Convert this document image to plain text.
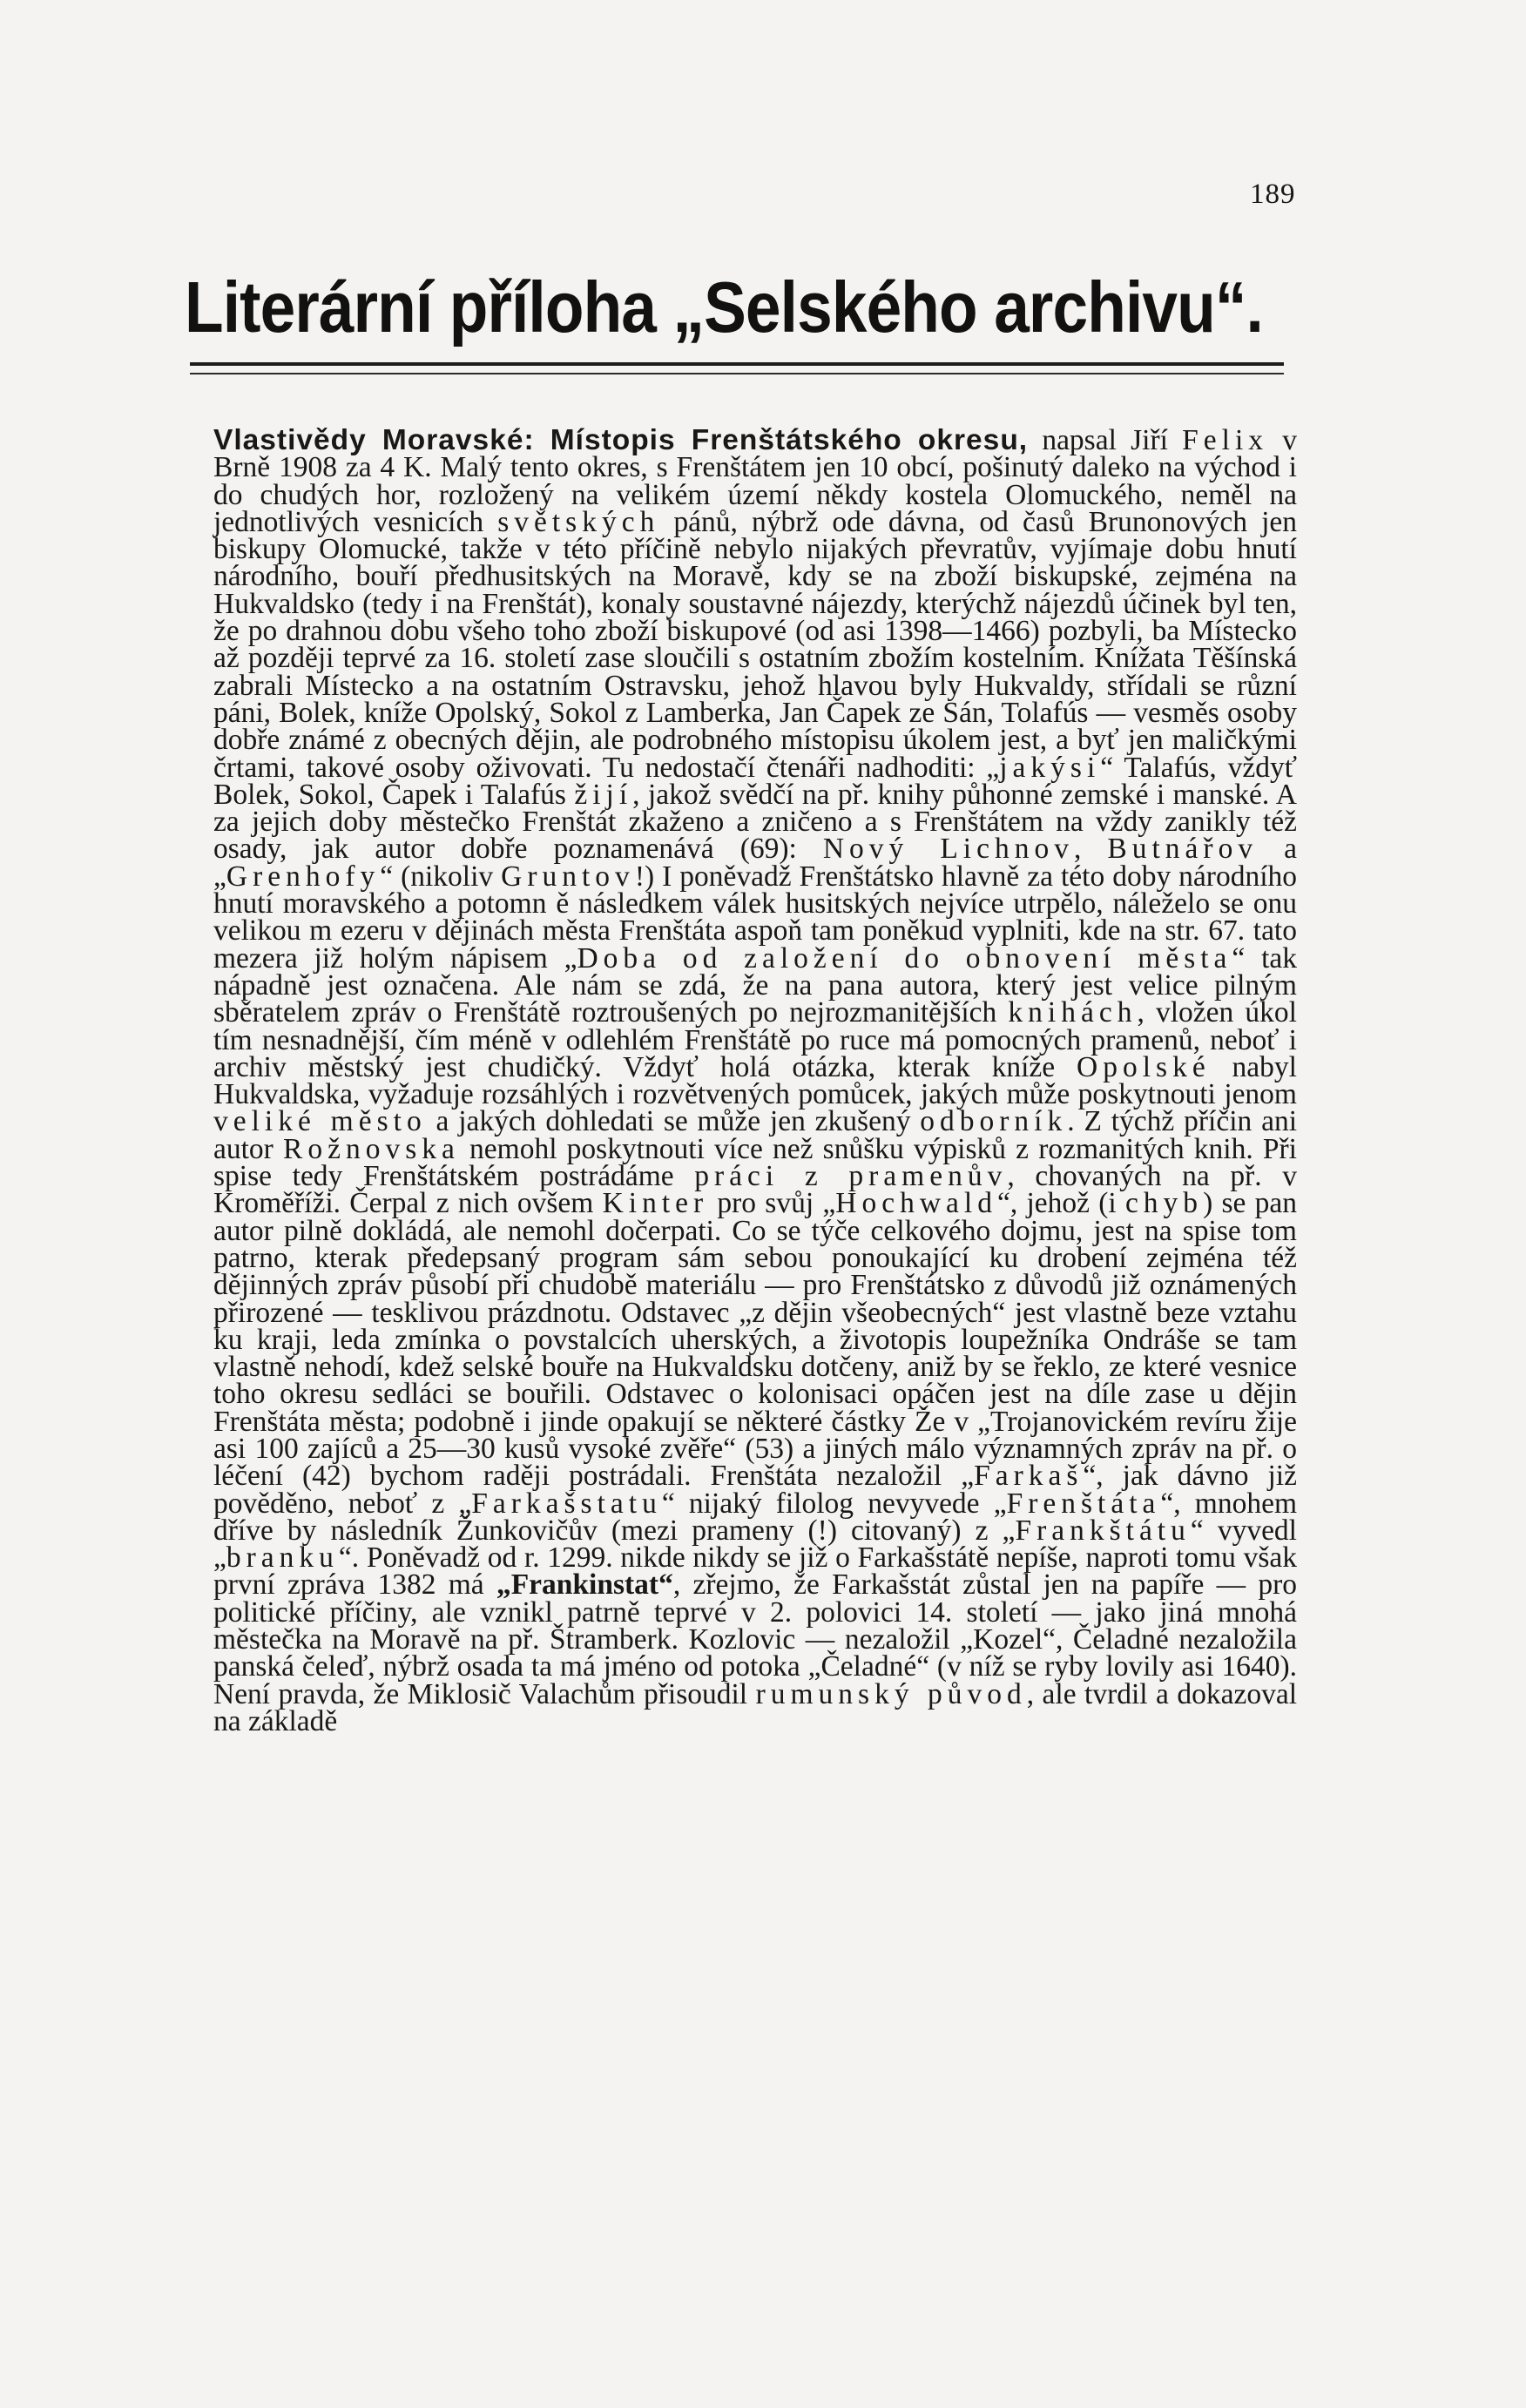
189
Literární příloha „Selského archivu“.
Vlastivědy Moravské: Místopis Frenštátského okresu, napsal Jiří Felix v Brně 1908 za 4 K. Malý tento okres, s Frenštátem jen 10 obcí, pošinutý daleko na východ i do chudých hor, rozložený na velikém území někdy kostela Olomuckého, neměl na jednotlivých vesnicích světských pánů, nýbrž ode dávna, od časů Brunonových jen biskupy Olomucké, takže v této příčině nebylo nijakých převratův, vyjímaje dobu hnutí národního, bouří předhusitských na Moravě, kdy se na zboží biskupské, zejména na Hukvaldsko (tedy i na Frenštát), konaly soustavné nájezdy, kterýchž nájezdů účinek byl ten, že po drahnou dobu všeho toho zboží biskupové (od asi 1398—1466) pozbyli, ba Místecko až později teprvé za 16. století zase sloučili s ostatním zbožím kostelním. Knížata Těšínská zabrali Místecko a na ostatním Ostravsku, jehož hlavou byly Hukvaldy, střídali se různí páni, Bolek, kníže Opolský, Sokol z Lamberka, Jan Čapek ze Sán, Tolafús — vesměs osoby dobře známé z obecných dějin, ale podrobného místopisu úkolem jest, a byť jen maličkými črtami, takové osoby oživovati. Tu nedostačí čtenáři nadhoditi: „jakýsi“ Talafús, vždyť Bolek, Sokol, Čapek i Talafús žijí, jakož svědčí na př. knihy půhonné zemské i manské. A za jejich doby městečko Frenštát zkaženo a zničeno a s Frenštátem na vždy zanikly též osady, jak autor dobře poznamenává (69): Nový Lichnov, Butnářov a „Grenhofy“ (nikoliv Gruntov!) I poněvadž Frenštátsko hlavně za této doby národního hnutí moravského a potomn ě následkem válek husitských nejvíce utrpělo, náleželo se onu velikou m ezeru v dějinách města Frenštáta aspoň tam poněkud vyplniti, kde na str. 67. tato mezera již holým nápisem „Doba od založení do obnovení města“ tak nápadně jest označena. Ale nám se zdá, že na pana autora, který jest velice pilným sběratelem zpráv o Frenštátě roztroušených po nejrozmanitějších knihách, vložen úkol tím nesnadnější, čím méně v odlehlém Frenštátě po ruce má pomocných pramenů, neboť i archiv městský jest chudičký. Vždyť holá otázka, kterak kníže Opolské nabyl Hukvaldska, vyžaduje rozsáhlých i rozvětvených pomůcek, jakých může poskytnouti jenom veliké město a jakých dohledati se může jen zkušený odborník. Z týchž příčin ani autor Rožnovska nemohl poskytnouti více než snůšku výpisků z rozmanitých knih. Při spise tedy Frenštátském postrádáme práci z pramenův, chovaných na př. v Kroměříži. Čerpal z nich ovšem Kinter pro svůj „Hochwald“, jehož (i chyb) se pan autor pilně dokládá, ale nemohl dočerpati. Co se týče celkového dojmu, jest na spise tom patrno, kterak předepsaný program sám sebou ponoukající ku drobení zejména též dějinných zpráv působí při chudobě materiálu — pro Frenštátsko z důvodů již oznámených přirozené — tesklivou prázdnotu. Odstavec „z dějin všeobecných“ jest vlastně beze vztahu ku kraji, leda zmínka o povstalcích uherských, a životopis loupežníka Ondráše se tam vlastně nehodí, kdež selské bouře na Hukvaldsku dotčeny, aniž by se řeklo, ze které vesnice toho okresu sedláci se bouřili. Odstavec o kolonisaci opáčen jest na díle zase u dějin Frenštáta města; podobně i jinde opakují se některé částky Že v „Trojanovickém revíru žije asi 100 zajíců a 25—30 kusů vysoké zvěře“ (53) a jiných málo významných zpráv na př. o léčení (42) bychom raději postrádali. Frenštáta nezaložil „Farkaš“, jak dávno již pověděno, neboť z „Farkašstatu“ nijaký filolog nevyvede „Frenštáta“, mnohem dříve by následník Žunkovičův (mezi prameny (!) citovaný) z „Frankštátu“ vyvedl „branku“. Poněvadž od r. 1299. nikde nikdy se již o Farkašstátě nepíše, naproti tomu však první zpráva 1382 má „Frankinstat“, zřejmo, že Farkašstát zůstal jen na papíře — pro politické příčiny, ale vznikl patrně teprvé v 2. polovici 14. století — jako jiná mnohá městečka na Moravě na př. Štramberk. Kozlovic — nezaložil „Kozel“, Čeladné nezaložila panská čeleď, nýbrž osada ta má jméno od potoka „Čeladné“ (v níž se ryby lovily asi 1640). Není pravda, že Miklosič Valachům přisoudil rumunský původ, ale tvrdil a dokazoval na základě
